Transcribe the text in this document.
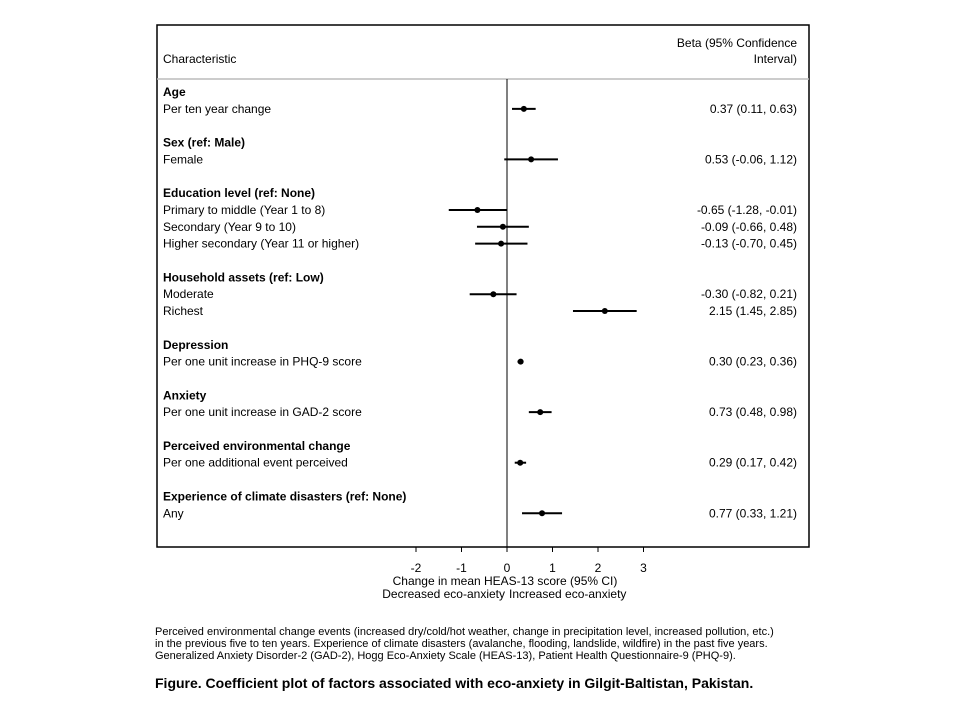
Characteristic
Beta (95% Confidence
Interval)
Age
Per ten year change	0.37 (0.11, 0.63)
Sex (ref: Male)
Female	0.53 (-0.06, 1.12)
Education level (ref: None)
Primary to middle (Year 1 to 8)	-0.65 (-1.28, -0.01)
Secondary (Year 9 to 10)	-0.09 (-0.66, 0.48)
Higher secondary (Year 11 or higher)	-0.13 (-0.70, 0.45)
Household assets (ref: Low)
Moderate	-0.30 (-0.82, 0.21)
Richest	2.15 (1.45, 2.85)
Depression
Per one unit increase in PHQ-9 score	0.30 (0.23, 0.36)
Anxiety
Per one unit increase in GAD-2 score	0.73 (0.48, 0.98)
Perceived environmental change
Per one additional event perceived	0.29 (0.17, 0.42)
Experience of climate disasters (ref: None)
Any	0.77 (0.33, 1.21)
-2	-1	0	1	2	3
Change in mean HEAS-13 score (95% CI)
Decreased eco-anxiety Increased eco-anxiety
Perceived environmental change events (increased dry/cold/hot weather, change in precipitation level, increased pollution, etc.)
in the previous five to ten years. Experience of climate disasters (avalanche, flooding, landslide, wildfire) in the past five years.
Generalized Anxiety Disorder-2 (GAD-2), Hogg Eco-Anxiety Scale (HEAS-13), Patient Health Questionnaire-9 (PHQ-9).
Figure. Coefficient plot of factors associated with eco-anxiety in Gilgit-Baltistan, Pakistan.
